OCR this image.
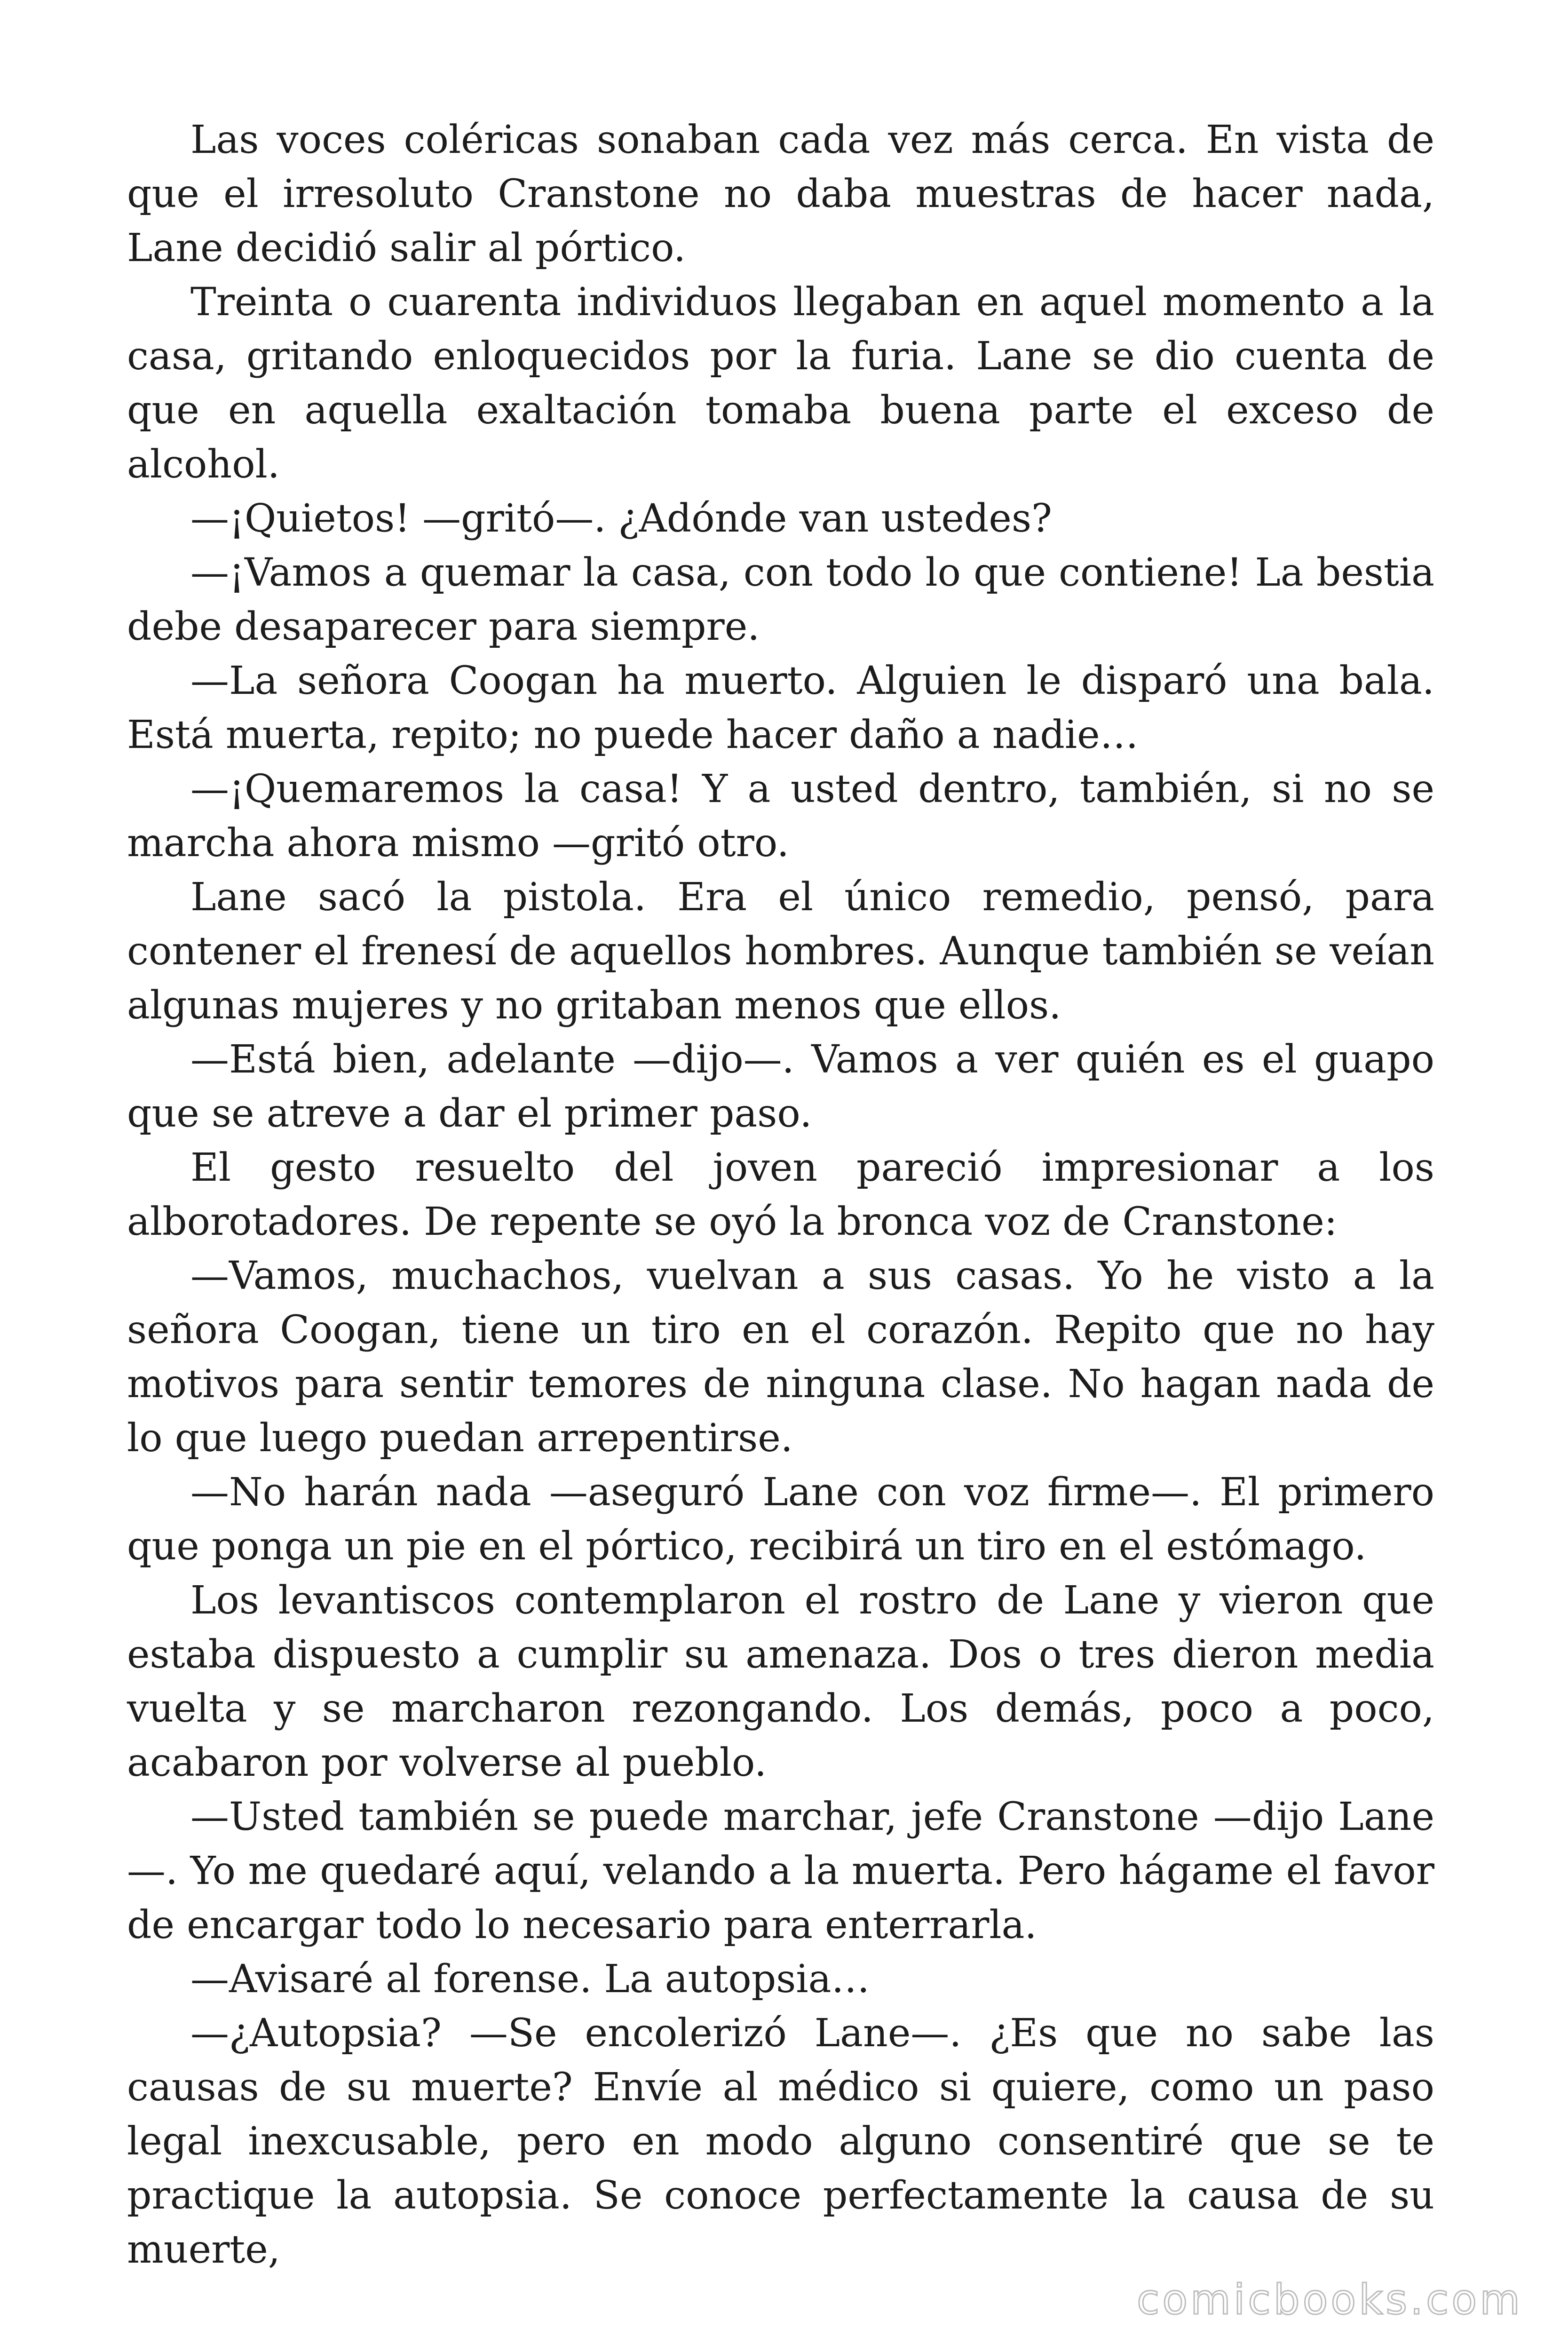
Las voces coléricas sonaban cada vez más cerca. En vista de que el irresoluto Cranstone no daba muestras de hacer nada, Lane decidió salir al pórtico.

Treinta o cuarenta individuos llegaban en aquel momento a la casa, gritando enloquecidos por la furia. Lane se dio cuenta de que en aquella exaltación tomaba buena parte el exceso de alcohol.

—¡Quietos! —gritó—. ¿Adónde van ustedes?

—¡Vamos a quemar la casa, con todo lo que contiene! La bestia debe desaparecer para siempre.

—La señora Coogan ha muerto. Alguien le disparó una bala. Está muerta, repito; no puede hacer daño a nadie…

—¡Quemaremos la casa! Y a usted dentro, también, si no se marcha ahora mismo —gritó otro.

Lane sacó la pistola. Era el único remedio, pensó, para contener el frenesí de aquellos hombres. Aunque también se veían algunas mujeres y no gritaban menos que ellos.

—Está bien, adelante —dijo—. Vamos a ver quién es el guapo que se atreve a dar el primer paso.

El gesto resuelto del joven pareció impresionar a los alborotadores. De repente se oyó la bronca voz de Cranstone:

—Vamos, muchachos, vuelvan a sus casas. Yo he visto a la señora Coogan, tiene un tiro en el corazón. Repito que no hay motivos para sentir temores de ninguna clase. No hagan nada de lo que luego puedan arrepentirse.

—No harán nada —aseguró Lane con voz firme—. El primero que ponga un pie en el pórtico, recibirá un tiro en el estómago.

Los levantiscos contemplaron el rostro de Lane y vieron que estaba dispuesto a cumplir su amenaza. Dos o tres dieron media vuelta y se marcharon rezongando. Los demás, poco a poco, acabaron por volverse al pueblo.

—Usted también se puede marchar, jefe Cranstone —dijo Lane —. Yo me quedaré aquí, velando a la muerta. Pero hágame el favor de encargar todo lo necesario para enterrarla.

—Avisaré al forense. La autopsia…

—¿Autopsia? —Se encolerizó Lane—. ¿Es que no sabe las causas de su muerte? Envíe al médico si quiere, como un paso legal inexcusable, pero en modo alguno consentiré que se te practique la autopsia. Se conoce perfectamente la causa de su muerte,

comicbooks.com
